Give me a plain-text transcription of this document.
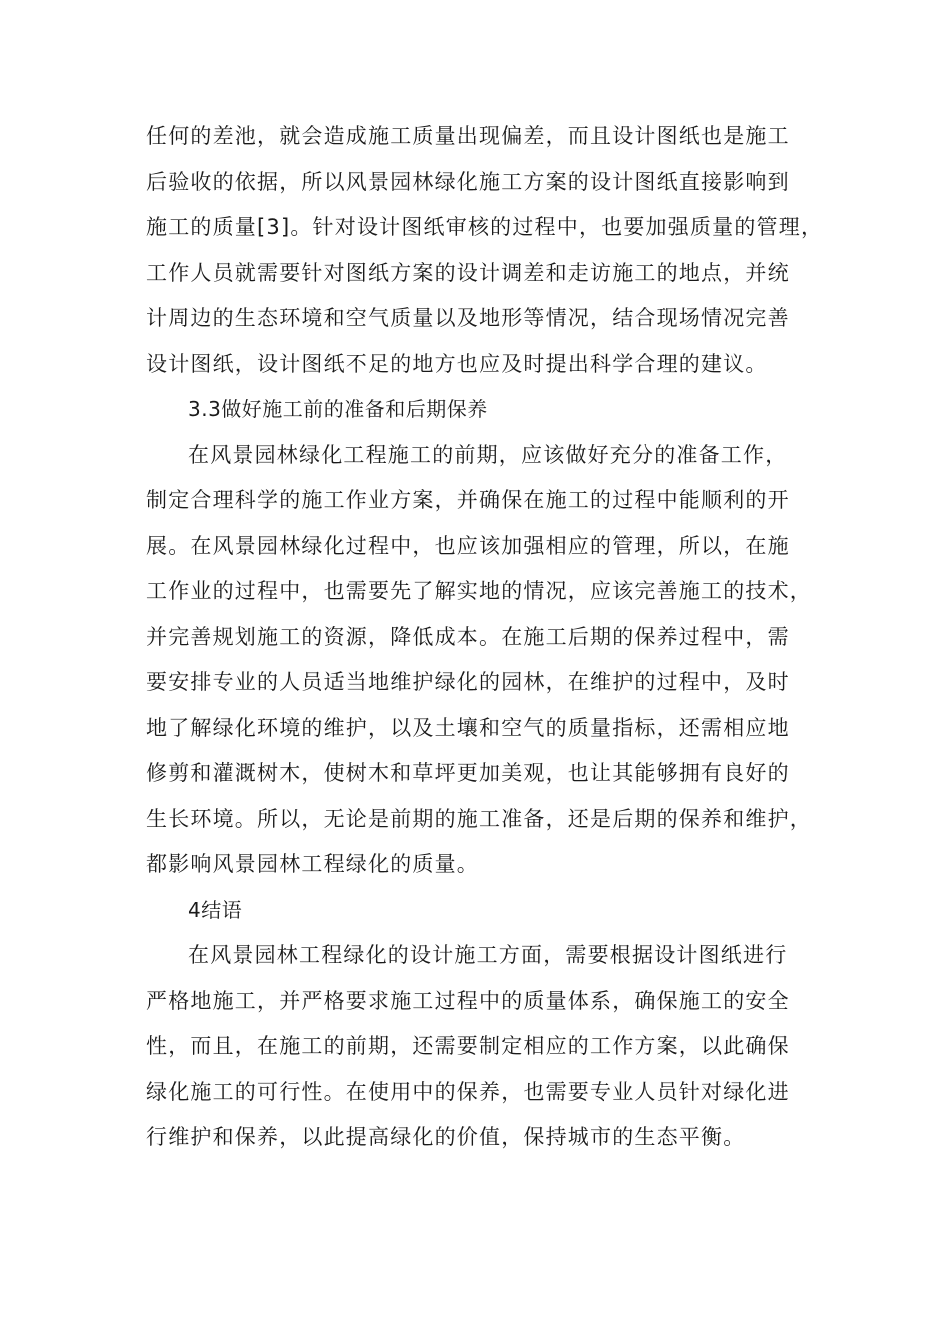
任何的差池，就会造成施工质量出现偏差，而且设计图纸也是施工
后验收的依据，所以风景园林绿化施工方案的设计图纸直接影响到
施工的质量[3]。针对设计图纸审核的过程中，也要加强质量的管理，
工作人员就需要针对图纸方案的设计调差和走访施工的地点，并统
计周边的生态环境和空气质量以及地形等情况，结合现场情况完善
设计图纸，设计图纸不足的地方也应及时提出科学合理的建议。
3.3做好施工前的准备和后期保养
在风景园林绿化工程施工的前期，应该做好充分的准备工作，
制定合理科学的施工作业方案，并确保在施工的过程中能顺利的开
展。在风景园林绿化过程中，也应该加强相应的管理，所以，在施
工作业的过程中，也需要先了解实地的情况，应该完善施工的技术，
并完善规划施工的资源，降低成本。在施工后期的保养过程中，需
要安排专业的人员适当地维护绿化的园林，在维护的过程中，及时
地了解绿化环境的维护，以及土壤和空气的质量指标，还需相应地
修剪和灌溉树木，使树木和草坪更加美观，也让其能够拥有良好的
生长环境。所以，无论是前期的施工准备，还是后期的保养和维护，
都影响风景园林工程绿化的质量。
4结语
在风景园林工程绿化的设计施工方面，需要根据设计图纸进行
严格地施工，并严格要求施工过程中的质量体系，确保施工的安全
性，而且，在施工的前期，还需要制定相应的工作方案，以此确保
绿化施工的可行性。在使用中的保养，也需要专业人员针对绿化进
行维护和保养，以此提高绿化的价值，保持城市的生态平衡。
